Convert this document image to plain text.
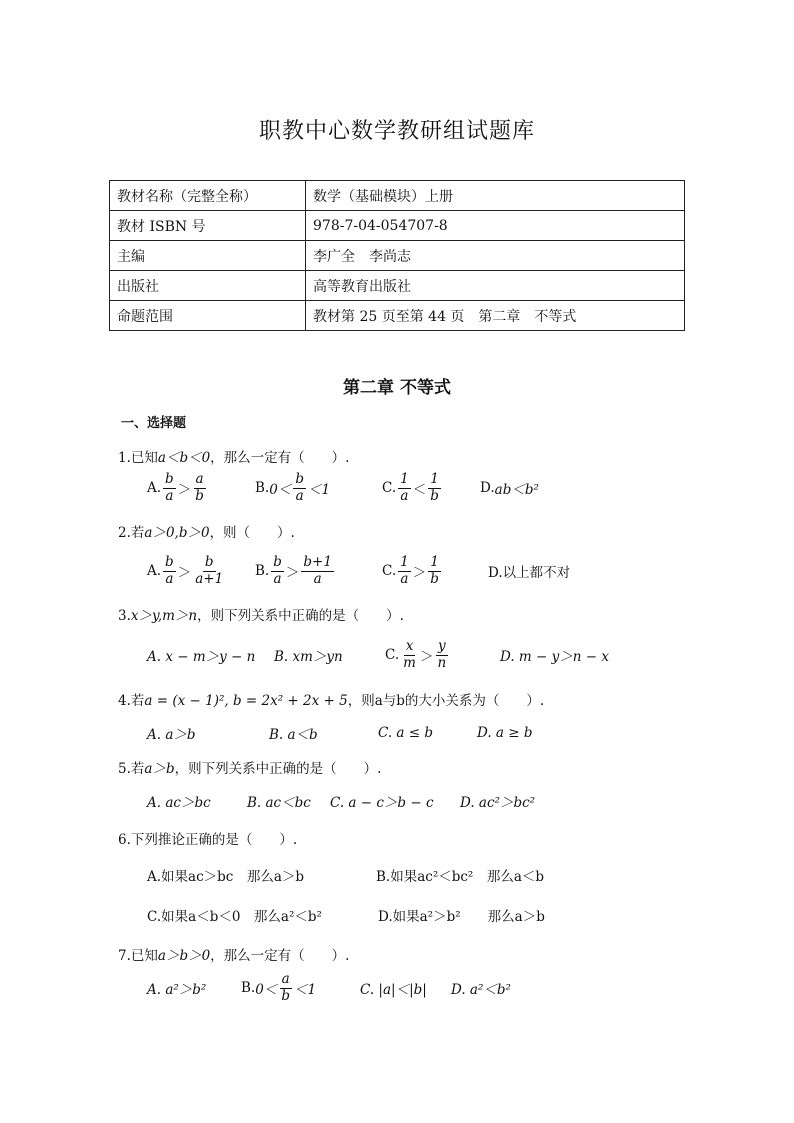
职教中心数学教研组试题库
教材名称（完整全称）	数学（基础模块）上册
教材 ISBN 号	978-7-04-054707-8
主编	李广全　李尚志
出版社	高等教育出版社
命题范围	教材第 25 页至第 44 页　第二章　不等式
第二章 不等式
一、选择题
1.已知a＜b＜0，那么一定有（　　）.
A. $\frac{b}{a} > \frac{a}{b}$	B. $0< \frac{b}{a} <1$	C. $\frac{1}{a} < \frac{1}{b}$	D. ab＜b²
2.若a＞0,b＞0，则（　　）.
A. $\frac{b}{a} > \frac{b}{a+1} B$. $\frac{b}{a} > \frac{b+1}{a}$	C. $\frac{1}{a} > \frac{1}{b}$	D.以上都不对
3.x＞y,m＞n，则下列关系中正确的是（　　）.
A. x − m＞y − n B. xm＞yn	C. $\frac{x}{m} > \frac{y}{n}$	D. m − y＞n − x
4.若a = (x − 1)², b = 2x² + 2x + 5，则a与b的大小关系为（　　）.
A. a＞b	B. a＜b	C. a ≤ b	D. a ≥ b
5.若a＞b，则下列关系中正确的是（　　）.
A. ac＞bc	B. ac＜bc C. a − c＞b − c D. ac²＞bc²
6.下列推论正确的是（　　）.
A.如果ac＞bc　那么a＞b	B.如果ac²＜bc²　那么a＜b
C.如果a＜b＜0　那么a²＜b²	D.如果a²＞b²　　那么a＞b
7.已知a＞b＞0，那么一定有（　　）.
A. a²＞b²	B. $0< \frac{a}{b} <1$	C. |a|＜|b| D. a²＜b²
